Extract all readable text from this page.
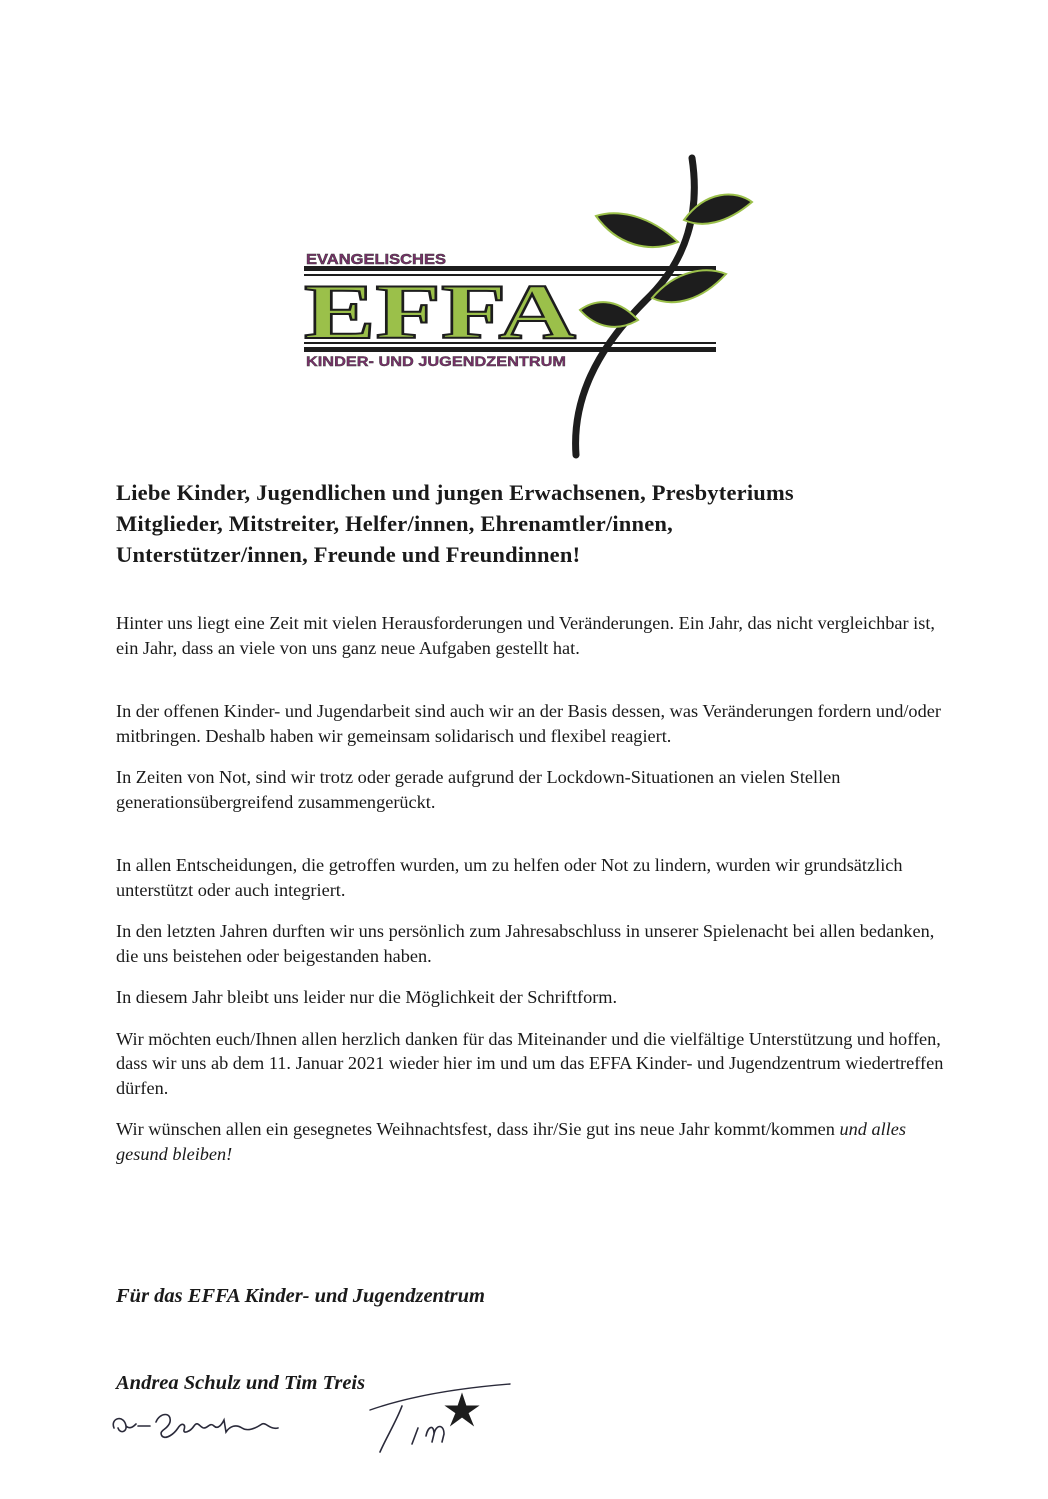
EVANGELISCHES
EFFA
KINDER- UND JUGENDZENTRUM
Liebe Kinder, Jugendlichen und jungen Erwachsenen, Presbyteriums
Mitglieder, Mitstreiter, Helfer/innen, Ehrenamtler/innen,
Unterstützer/innen, Freunde und Freundinnen!

Hinter uns liegt eine Zeit mit vielen Herausforderungen und Veränderungen. Ein Jahr, das nicht vergleichbar ist, ein Jahr, dass an viele von uns ganz neue Aufgaben gestellt hat.

In der offenen Kinder- und Jugendarbeit sind auch wir an der Basis dessen, was Veränderungen fordern und/oder mitbringen. Deshalb haben wir gemeinsam solidarisch und flexibel reagiert.

In Zeiten von Not, sind wir trotz oder gerade aufgrund der Lockdown-Situationen an vielen Stellen generationsübergreifend zusammengerückt.

In allen Entscheidungen, die getroffen wurden, um zu helfen oder Not zu lindern, wurden wir grundsätzlich unterstützt oder auch integriert.

In den letzten Jahren durften wir uns persönlich zum Jahresabschluss in unserer Spielenacht bei allen bedanken, die uns beistehen oder beigestanden haben.

In diesem Jahr bleibt uns leider nur die Möglichkeit der Schriftform.

Wir möchten euch/Ihnen allen herzlich danken für das Miteinander und die vielfältige Unterstützung und hoffen, dass wir uns ab dem 11. Januar 2021 wieder hier im und um das EFFA Kinder- und Jugendzentrum wiedertreffen dürfen.

Wir wünschen allen ein gesegnetes Weihnachtsfest, dass ihr/Sie gut ins neue Jahr kommt/kommen und alles gesund bleiben!

Für das EFFA Kinder- und Jugendzentrum
Andrea Schulz und Tim Treis
